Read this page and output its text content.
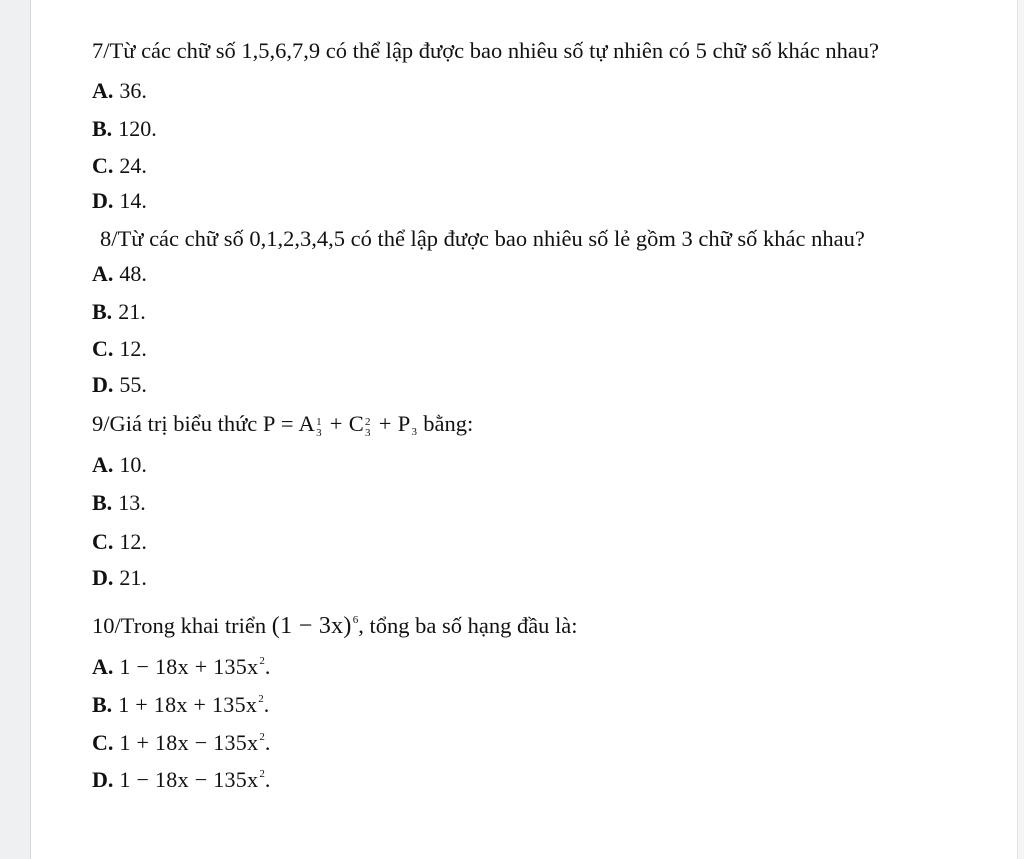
7/Từ các chữ số 1,5,6,7,9 có thể lập được bao nhiêu số tự nhiên có 5 chữ số khác nhau?
A. 36.
B. 120.
C. 24.
D. 14.
8/Từ các chữ số 0,1,2,3,4,5 có thể lập được bao nhiêu số lẻ gồm 3 chữ số khác nhau?
A. 48.
B. 21.
C. 12.
D. 55.
9/Giá trị biểu thức P = A 1
3 + C 2
$3 + P_3$ bằng:
A. 10.
B. 13.
C. 12.
D. 21.
10/Trong khai triển $(1 - 3x)^6$, tổng ba số hạng đầu là:
A. $1 - 18x + 135x^2$.
B. $1 + 18x + 135x^2$.
C. $1 + 18x - 135x^2$.
D. $1 - 18x - 135x^2$.
